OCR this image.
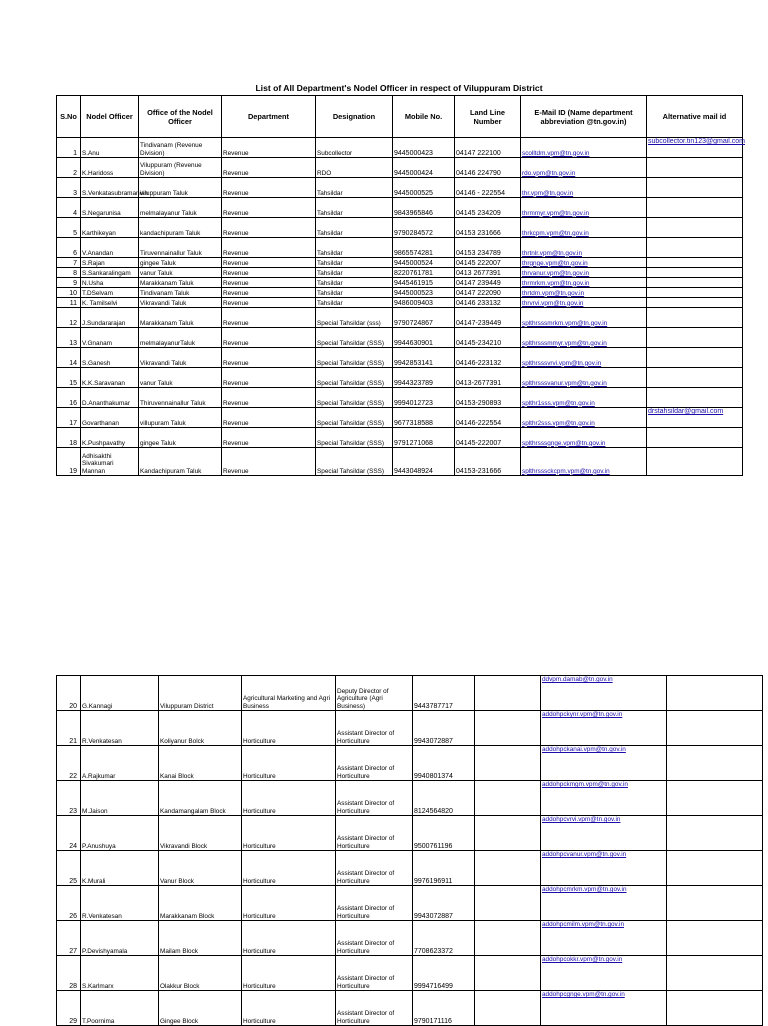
List of All Department's Nodel Officer in respect of Viluppuram District
S.No	Nodel Officer	Office of the Nodel Officer	Department	Designation	Mobile No.	Land Line Number	E-Mail ID (Name department abbreviation @tn.gov.in)	Alternative mail id
1	S.Anu	Tindivanam (Revenue Division)	Revenue	Subcollector	9445000423	04147 222100	scolltdm.vpm@tn.gov.in	subcollector.tin123@gmail.com
2	K.Haridoss	Viluppuram (Revenue Division)	Revenue	RDO	9445000424	04146 224790	rdo.vpm@tn.gov.in	
3	S.Venkatasubramanian	viluppuram Taluk	Revenue	Tahsildar	9445000525	04146 - 222554	thr.vpm@tn.gov.in	
4	S.Negarunisa	melmalayanur Taluk	Revenue	Tahsildar	9843965846	04145 234209	thrmmyr.vpm@tn.gov.in	
5	Karthikeyan	kandachipuram Taluk	Revenue	Tahsildar	9790284572	04153 231666	thrkcpm.vpm@tn.gov.in	
6	V.Anandan	Tiruvennainallur Taluk	Revenue	Tahsildar	9865574281	04153 234789	thrtnlr.vpm@tn.gov.in	
7	S.Rajan	gingee Taluk	Revenue	Tahsildar	9445000524	04145 222007	thrgnge.vpm@tn.gov.in	
8	S.Sankaralingam	vanur Taluk	Revenue	Tahsildar	8220761781	0413 2677391	thrvanur.vpm@tn.gov.in	
9	N.Usha	Marakkanam Taluk	Revenue	Tahsildar	9445461915	04147 239449	thrmrkm.vpm@tn.gov.in	
10	T.DSelvam	Tindivanam Taluk	Revenue	Tahsildar	9445000523	04147 222090	thrtdm.vpm@tn.gov.in	
11	K. Tamilselvi	Vikravandi Taluk	Revenue	Tahsildar	9486009403	04146 233132	thrvrvi.vpm@tn.gov.in	
12	J.Sundararajan	Marakkanam Taluk	Revenue	Special Tahsildar (sss)	9790724867	04147-239449	splthrsssmrkm.vpm@tn.gov.in	
13	V.Gnanam	melmalayanurTaluk	Revenue	Special Tahsildar (SSS)	9944630901	04145-234210	splthrsssmmyr.vpm@tn.gov.in	
14	S.Ganesh	Vikravandi Taluk	Revenue	Special Tahsildar (SSS)	9942853141	04146-223132	splthrsssvrvi.vpm@tn.gov.in	
15	K.K.Saravanan	vanur Taluk	Revenue	Special Tahsildar (SSS)	9944323789	0413-2677391	splthrsssvanur.vpm@tn.gov.in	
16	D.Ananthakumar	Thiruvennainallur Taluk	Revenue	Special Tahsildar (SSS)	9994012723	04153-290893	splthr1sss.vpm@tn.gov.in	
17	Govarthanan	villupuram Taluk	Revenue	Special Tahsildar (SSS)	9677318588	04146-222554	splthr2sss.vpm@tn.gov.in	drstahsildar@gmail.com
18	K.Pushpavathy	gingee Taluk	Revenue	Special Tahsildar (SSS)	9791271068	04145-222007	splthrsssgnge.vpm@tn.gov.in	
19	Adhisakthi Sivakumari Mannan	Kandachipuram Taluk	Revenue	Special Tahsildar (SSS)	9443048924	04153-231666	splthrsssckcpm.vpm@tn.gov.in	
20	G.Kannagi	Viluppuram District	Agricultural Marketing and Agri Business	Deputy Director of Agriculture (Agri Business)	9443787717		ddvpm.damab@tn.gov.in	
21	R.Venkatesan	Koliyanur Bolck	Horticulture	Assistant Director of Horticulture	9943072887		addohpckynr.vpm@tn.gov.in	
22	A.Rajkumar	Kanai Block	Horticulture	Assistant Director of Horticulture	9940801374		addohpckanai.vpm@tn.gov.in	
23	M.Jaison	Kandamangalam Block	Horticulture	Assistant Director of Horticulture	8124564820		addohpckmgm.vpm@tn.gov.in	
24	P.Anushuya	Vikravandi Block	Horticulture	Assistant Director of Horticulture	9500761196		addohpcvrvi.vpm@tn.gov.in	
25	K.Murali	Vanur Block	Horticulture	Assistant Director of Horticulture	9976196911		addohpcvanur.vpm@tn.gov.in	
26	R.Venkatesan	Marakkanam Block	Horticulture	Assistant Director of Horticulture	9943072887		addohpcmrkm.vpm@tn.gov.in	
27	P.Devishyamala	Mailam Block	Horticulture	Assistant Director of Horticulture	7708623372		addohpcmilm.vpm@tn.gov.in	
28	S.Karlmarx	Olakkur Block	Horticulture	Assistant Director of Horticulture	9994716499		addohpcokkr.vpm@tn.gov.in	
29	T.Poornima	Gingee Block	Horticulture	Assistant Director of Horticulture	9790171116		addohpcgnge.vpm@tn.gov.in	
